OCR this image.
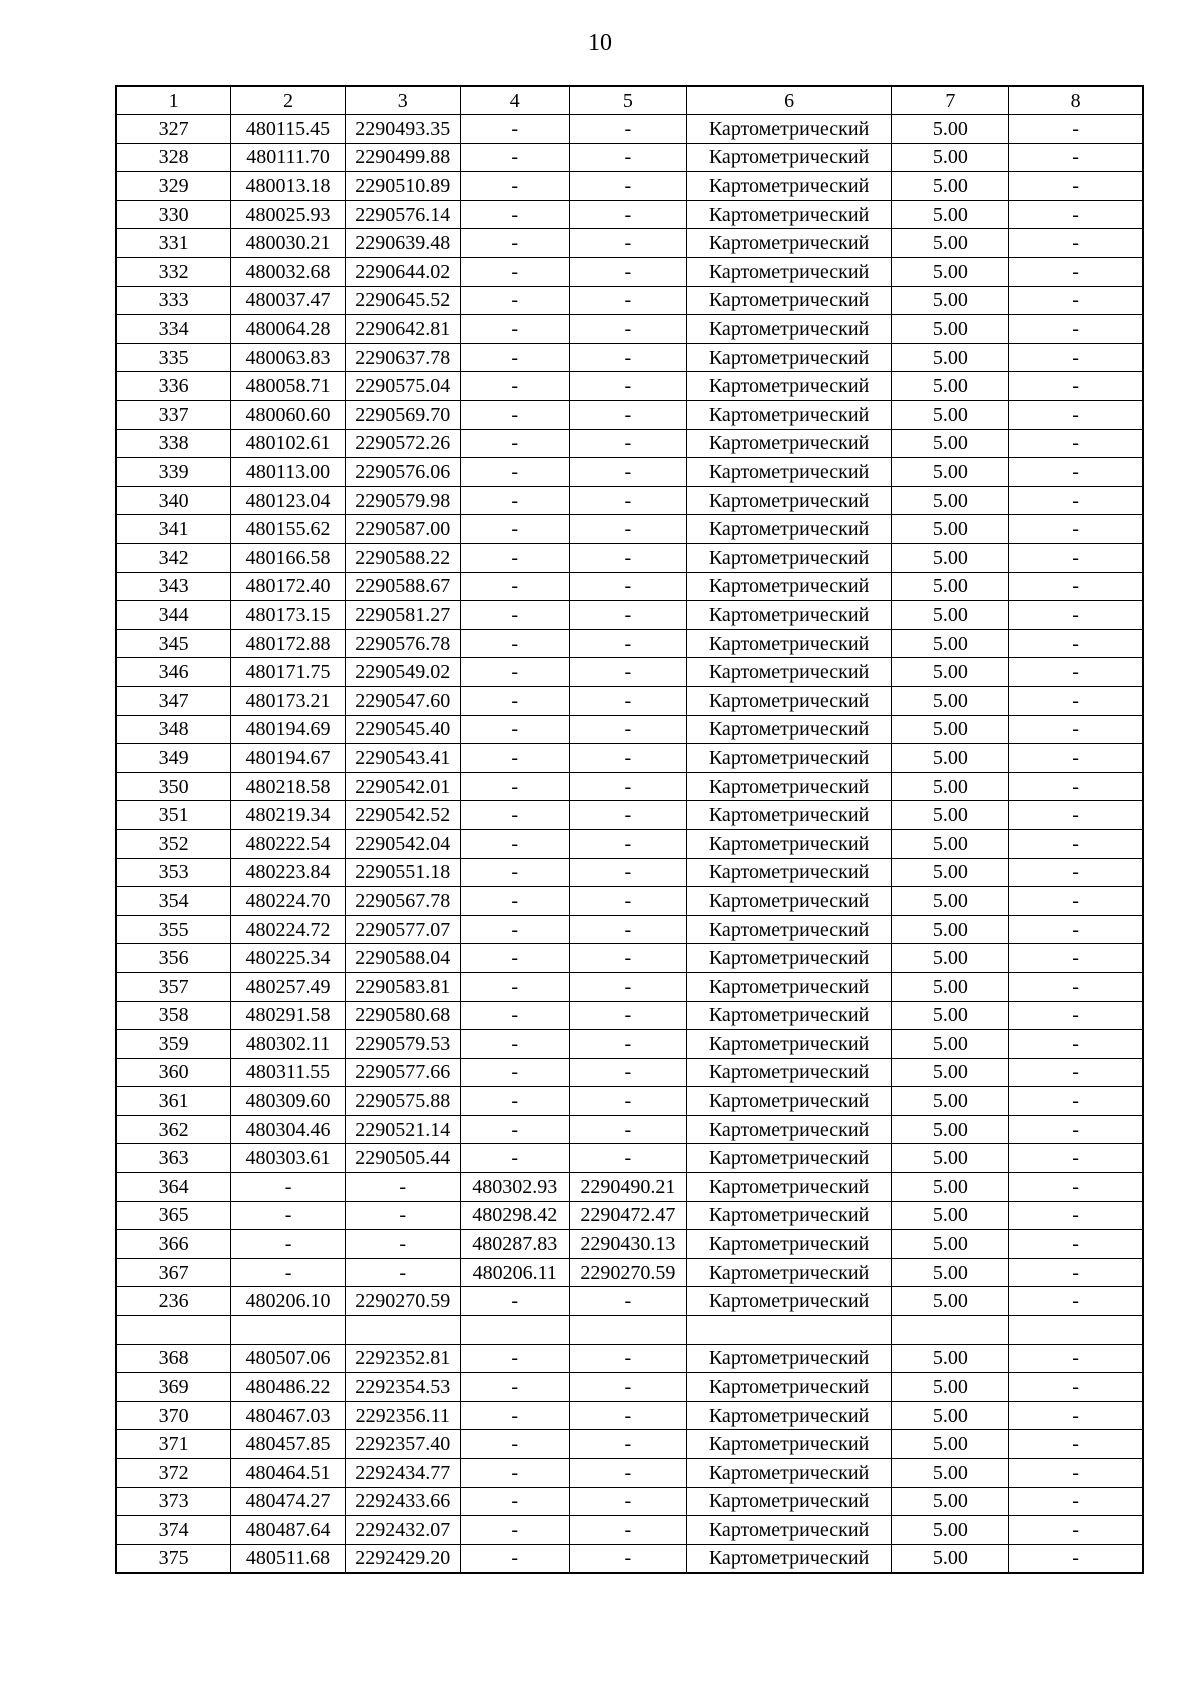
10
1	2	3	4	5	6	7	8
327	480115.45	2290493.35	-	-	Картометрический	5.00	-
328	480111.70	2290499.88	-	-	Картометрический	5.00	-
329	480013.18	2290510.89	-	-	Картометрический	5.00	-
330	480025.93	2290576.14	-	-	Картометрический	5.00	-
331	480030.21	2290639.48	-	-	Картометрический	5.00	-
332	480032.68	2290644.02	-	-	Картометрический	5.00	-
333	480037.47	2290645.52	-	-	Картометрический	5.00	-
334	480064.28	2290642.81	-	-	Картометрический	5.00	-
335	480063.83	2290637.78	-	-	Картометрический	5.00	-
336	480058.71	2290575.04	-	-	Картометрический	5.00	-
337	480060.60	2290569.70	-	-	Картометрический	5.00	-
338	480102.61	2290572.26	-	-	Картометрический	5.00	-
339	480113.00	2290576.06	-	-	Картометрический	5.00	-
340	480123.04	2290579.98	-	-	Картометрический	5.00	-
341	480155.62	2290587.00	-	-	Картометрический	5.00	-
342	480166.58	2290588.22	-	-	Картометрический	5.00	-
343	480172.40	2290588.67	-	-	Картометрический	5.00	-
344	480173.15	2290581.27	-	-	Картометрический	5.00	-
345	480172.88	2290576.78	-	-	Картометрический	5.00	-
346	480171.75	2290549.02	-	-	Картометрический	5.00	-
347	480173.21	2290547.60	-	-	Картометрический	5.00	-
348	480194.69	2290545.40	-	-	Картометрический	5.00	-
349	480194.67	2290543.41	-	-	Картометрический	5.00	-
350	480218.58	2290542.01	-	-	Картометрический	5.00	-
351	480219.34	2290542.52	-	-	Картометрический	5.00	-
352	480222.54	2290542.04	-	-	Картометрический	5.00	-
353	480223.84	2290551.18	-	-	Картометрический	5.00	-
354	480224.70	2290567.78	-	-	Картометрический	5.00	-
355	480224.72	2290577.07	-	-	Картометрический	5.00	-
356	480225.34	2290588.04	-	-	Картометрический	5.00	-
357	480257.49	2290583.81	-	-	Картометрический	5.00	-
358	480291.58	2290580.68	-	-	Картометрический	5.00	-
359	480302.11	2290579.53	-	-	Картометрический	5.00	-
360	480311.55	2290577.66	-	-	Картометрический	5.00	-
361	480309.60	2290575.88	-	-	Картометрический	5.00	-
362	480304.46	2290521.14	-	-	Картометрический	5.00	-
363	480303.61	2290505.44	-	-	Картометрический	5.00	-
364	-	-	480302.93	2290490.21	Картометрический	5.00	-
365	-	-	480298.42	2290472.47	Картометрический	5.00	-
366	-	-	480287.83	2290430.13	Картометрический	5.00	-
367	-	-	480206.11	2290270.59	Картометрический	5.00	-
236	480206.10	2290270.59	-	-	Картометрический	5.00	-

368	480507.06	2292352.81	-	-	Картометрический	5.00	-
369	480486.22	2292354.53	-	-	Картометрический	5.00	-
370	480467.03	2292356.11	-	-	Картометрический	5.00	-
371	480457.85	2292357.40	-	-	Картометрический	5.00	-
372	480464.51	2292434.77	-	-	Картометрический	5.00	-
373	480474.27	2292433.66	-	-	Картометрический	5.00	-
374	480487.64	2292432.07	-	-	Картометрический	5.00	-
375	480511.68	2292429.20	-	-	Картометрический	5.00	-
